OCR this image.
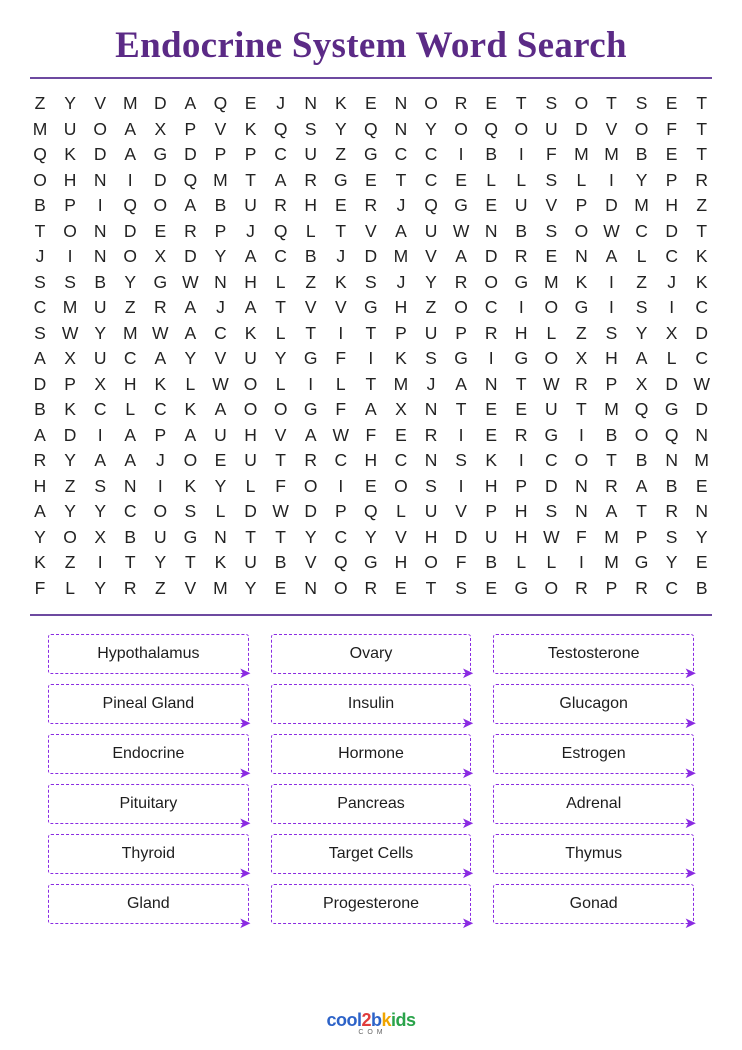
Endocrine System Word Search
Z	Y V M D A Q E	J	N K E N O R E	T	S O	T	S E	T
M U O A X P V K Q S Y Q N Y O Q O U D V O	F	T
Q K D A G D P P C U	Z	G C C	I	B	I	F M M B E	T
O H N	I	D Q M T	A R G E	T	C E	L	L	S	L	I	Y P R
B P	I	Q O A B U R H E R	J	Q G E U V P D M H	Z
T	O N D E R P	J	Q	L	T	V A U W N B S O W C D	T
J	I	N O X D Y A C B	J	D M V A D R E N A	L	C K
S S B Y G W N H	L	Z	K S	J	Y R O G M K	I	Z	J	K
C M U	Z	R A	J	A	T	V V G H	Z	O C	I	O G	I	S	I	C
S W Y M W A C K	L	T	I	T	P U P R H	L	Z	S Y X D
A X U C A Y V U Y G	F	I	K S G	I	G O X H A	L	C
D P X H K	L W O	L	I	L	T M	J	A N	T W R P X D W
B K C	L	C K A O O G	F	A X N	T	E E U	T M Q G D
A D	I	A P A U H V A W F	E R	I	E R G	I	B O Q N
R Y A A	J	O E U	T	R C H C N S K	I	C O	T	B N M
H	Z	S N	I	K Y	L	F	O	I	E O S	I	H P D N R A B E
A Y Y C O S	L	D W D P Q	L	U V P H S N A	T	R N
Y O X B U G N	T	T	Y C Y V H D U H W F M P S Y
K	Z	I	T	Y	T	K U B V Q G H O	F	B	L	L	I	M G Y E
F	L	Y R	Z	V M Y E N O R E	T	S E G O R P R C B
Hypothalamus
➤
Pineal Gland
➤
Endocrine
➤
Pituitary
➤
Thyroid
➤
Gland
➤
Ovary
➤
Insulin
➤
Hormone
➤
Pancreas
➤
Target Cells
➤
Progesterone
➤
Testosterone
➤
Glucagon
➤
Estrogen
➤
Adrenal
➤
Thymus
➤
Gonad
➤
cool2bkids
C O M
